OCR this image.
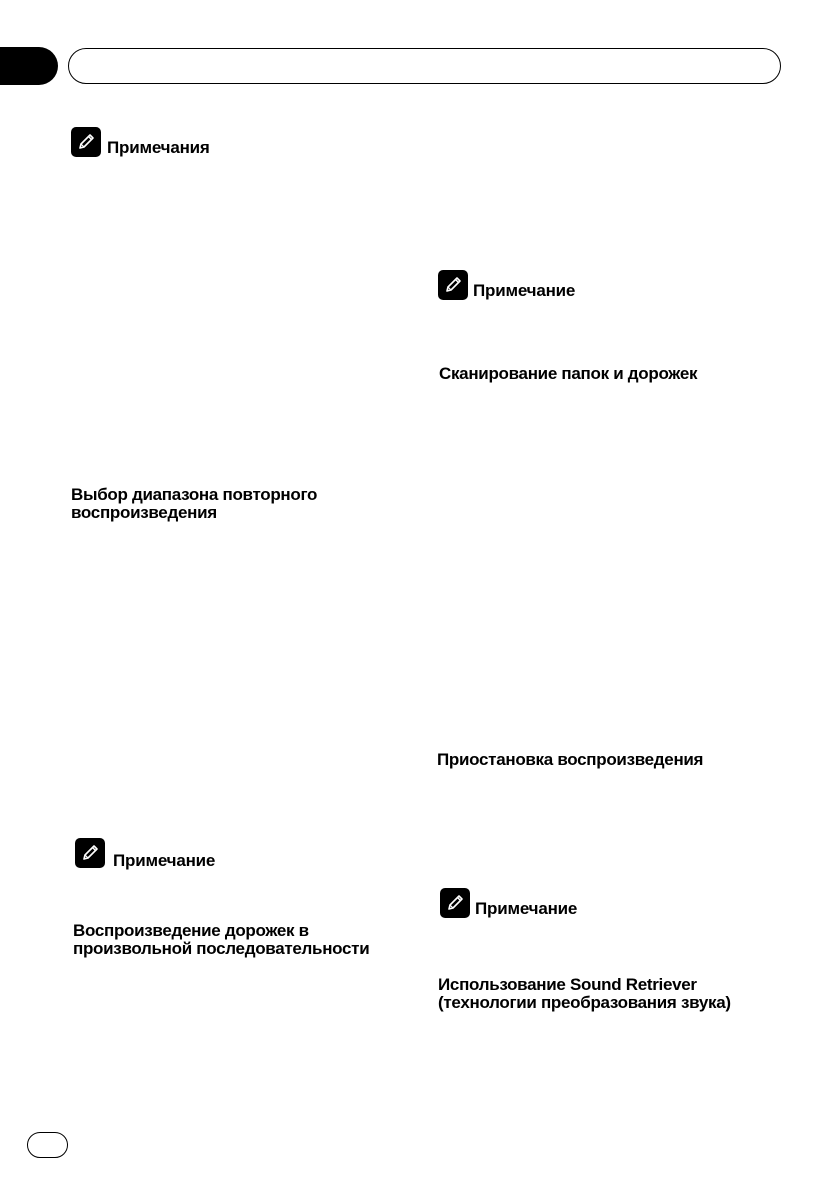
Примечания
Выбор диапазона повторного
воспроизведения
Примечание
Воспроизведение дорожек в
произвольной последовательности
Примечание
Сканирование папок и дорожек
Приостановка воспроизведения
Примечание
Использование Sound Retriever
(технологии преобразования звука)
